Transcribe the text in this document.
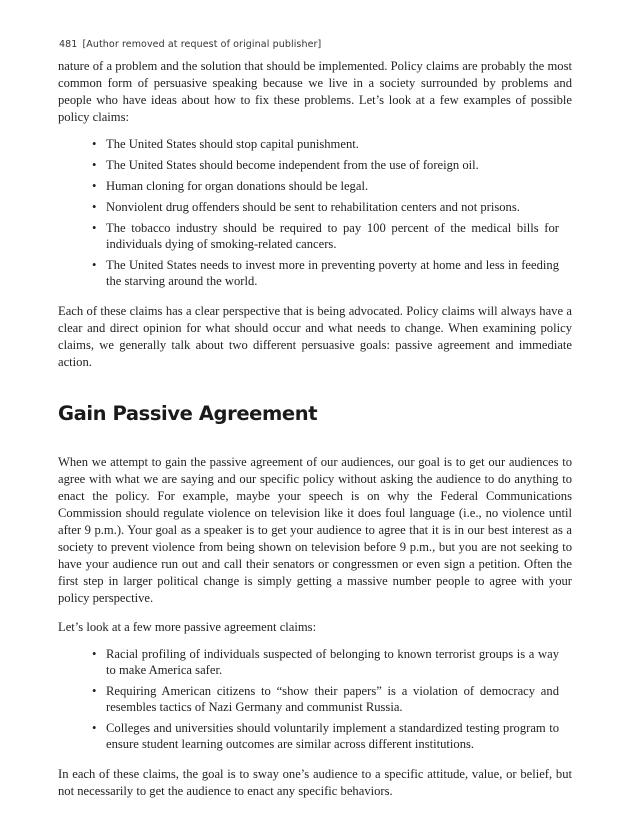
481 [Author removed at request of original publisher]

nature of a problem and the solution that should be implemented. Policy claims are probably the most common form of persuasive speaking because we live in a society surrounded by problems and people who have ideas about how to fix these problems. Let’s look at a few examples of possible policy claims:

• The United States should stop capital punishment.
• The United States should become independent from the use of foreign oil.
• Human cloning for organ donations should be legal.
• Nonviolent drug offenders should be sent to rehabilitation centers and not prisons.
• The tobacco industry should be required to pay 100 percent of the medical bills for individuals dying of smoking-related cancers.
• The United States needs to invest more in preventing poverty at home and less in feeding the starving around the world.

Each of these claims has a clear perspective that is being advocated. Policy claims will always have a clear and direct opinion for what should occur and what needs to change. When examining policy claims, we generally talk about two different persuasive goals: passive agreement and immediate action.

Gain Passive Agreement

When we attempt to gain the passive agreement of our audiences, our goal is to get our audiences to agree with what we are saying and our specific policy without asking the audience to do anything to enact the policy. For example, maybe your speech is on why the Federal Communications Commission should regulate violence on television like it does foul language (i.e., no violence until after 9 p.m.). Your goal as a speaker is to get your audience to agree that it is in our best interest as a society to prevent violence from being shown on television before 9 p.m., but you are not seeking to have your audience run out and call their senators or congressmen or even sign a petition. Often the first step in larger political change is simply getting a massive number people to agree with your policy perspective.

Let’s look at a few more passive agreement claims:

• Racial profiling of individuals suspected of belonging to known terrorist groups is a way to make America safer.
• Requiring American citizens to “show their papers” is a violation of democracy and resembles tactics of Nazi Germany and communist Russia.
• Colleges and universities should voluntarily implement a standardized testing program to ensure student learning outcomes are similar across different institutions.

In each of these claims, the goal is to sway one’s audience to a specific attitude, value, or belief, but not necessarily to get the audience to enact any specific behaviors.
